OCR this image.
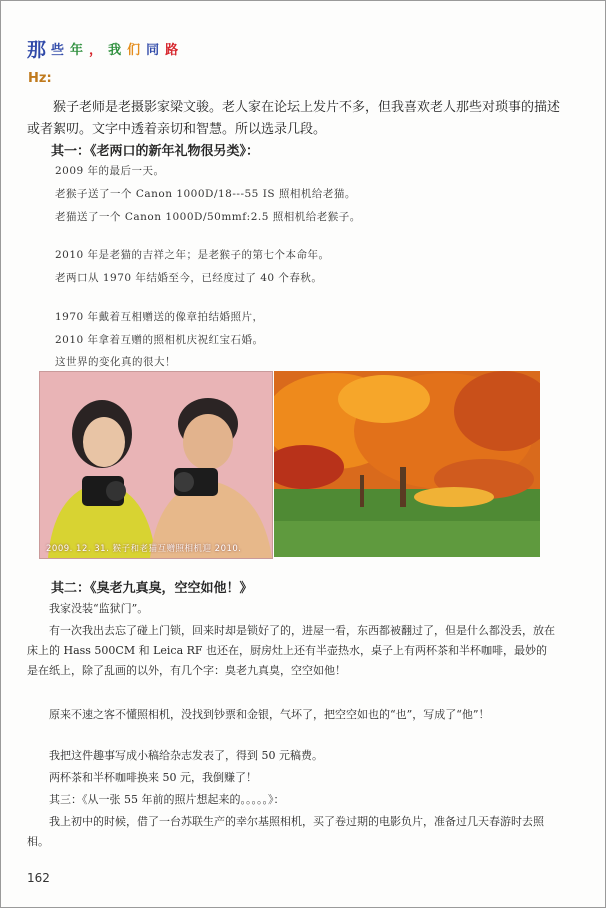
那 些 年 ， 我 们 同 路
Hz:
猴子老师是老摄影家梁文骏。老人家在论坛上发片不多，但我喜欢老人那些对琐事的描述或者絮叨。文字中透着亲切和智慧。所以选录几段。
其一：《老两口的新年礼物很另类》：
2009 年的最后一天。
老猴子送了一个 Canon 1000D/18---55 IS 照相机给老猫。
老猫送了一个 Canon 1000D/50mmf:2.5 照相机给老猴子。
2010 年是老猫的吉祥之年；是老猴子的第七个本命年。
老两口从 1970 年结婚至今，已经度过了 40 个春秋。
1970 年戴着互相赠送的像章拍结婚照片，
2010 年拿着互赠的照相机庆祝红宝石婚。
这世界的变化真的很大！
2009. 12. 31. 猴子和老猫互赠照相机迎 2010.
其二：《臭老九真臭，空空如他！》
我家没装“监狱门”。
有一次我出去忘了碰上门锁，回来时却是锁好了的，进屋一看，东西都被翻过了，但是什么都没丢，放在床上的 Hass 500CM 和 Leica RF 也还在，厨房灶上还有半壶热水，桌子上有两杯茶和半杯咖啡，最妙的是在纸上，除了乱画的以外，有几个字：臭老九真臭，空空如他！
原来不速之客不懂照相机，没找到钞票和金银，气坏了，把空空如也的“也”，写成了“他”！
我把这件趣事写成小稿给杂志发表了，得到 50 元稿费。
两杯茶和半杯咖啡换来 50 元，我倒赚了！
其三：《从一张 55 年前的照片想起来的。。。。。》：
我上初中的时候，借了一台苏联生产的幸尔基照相机，买了卷过期的电影负片，准备过几天春游时去照相。
162
